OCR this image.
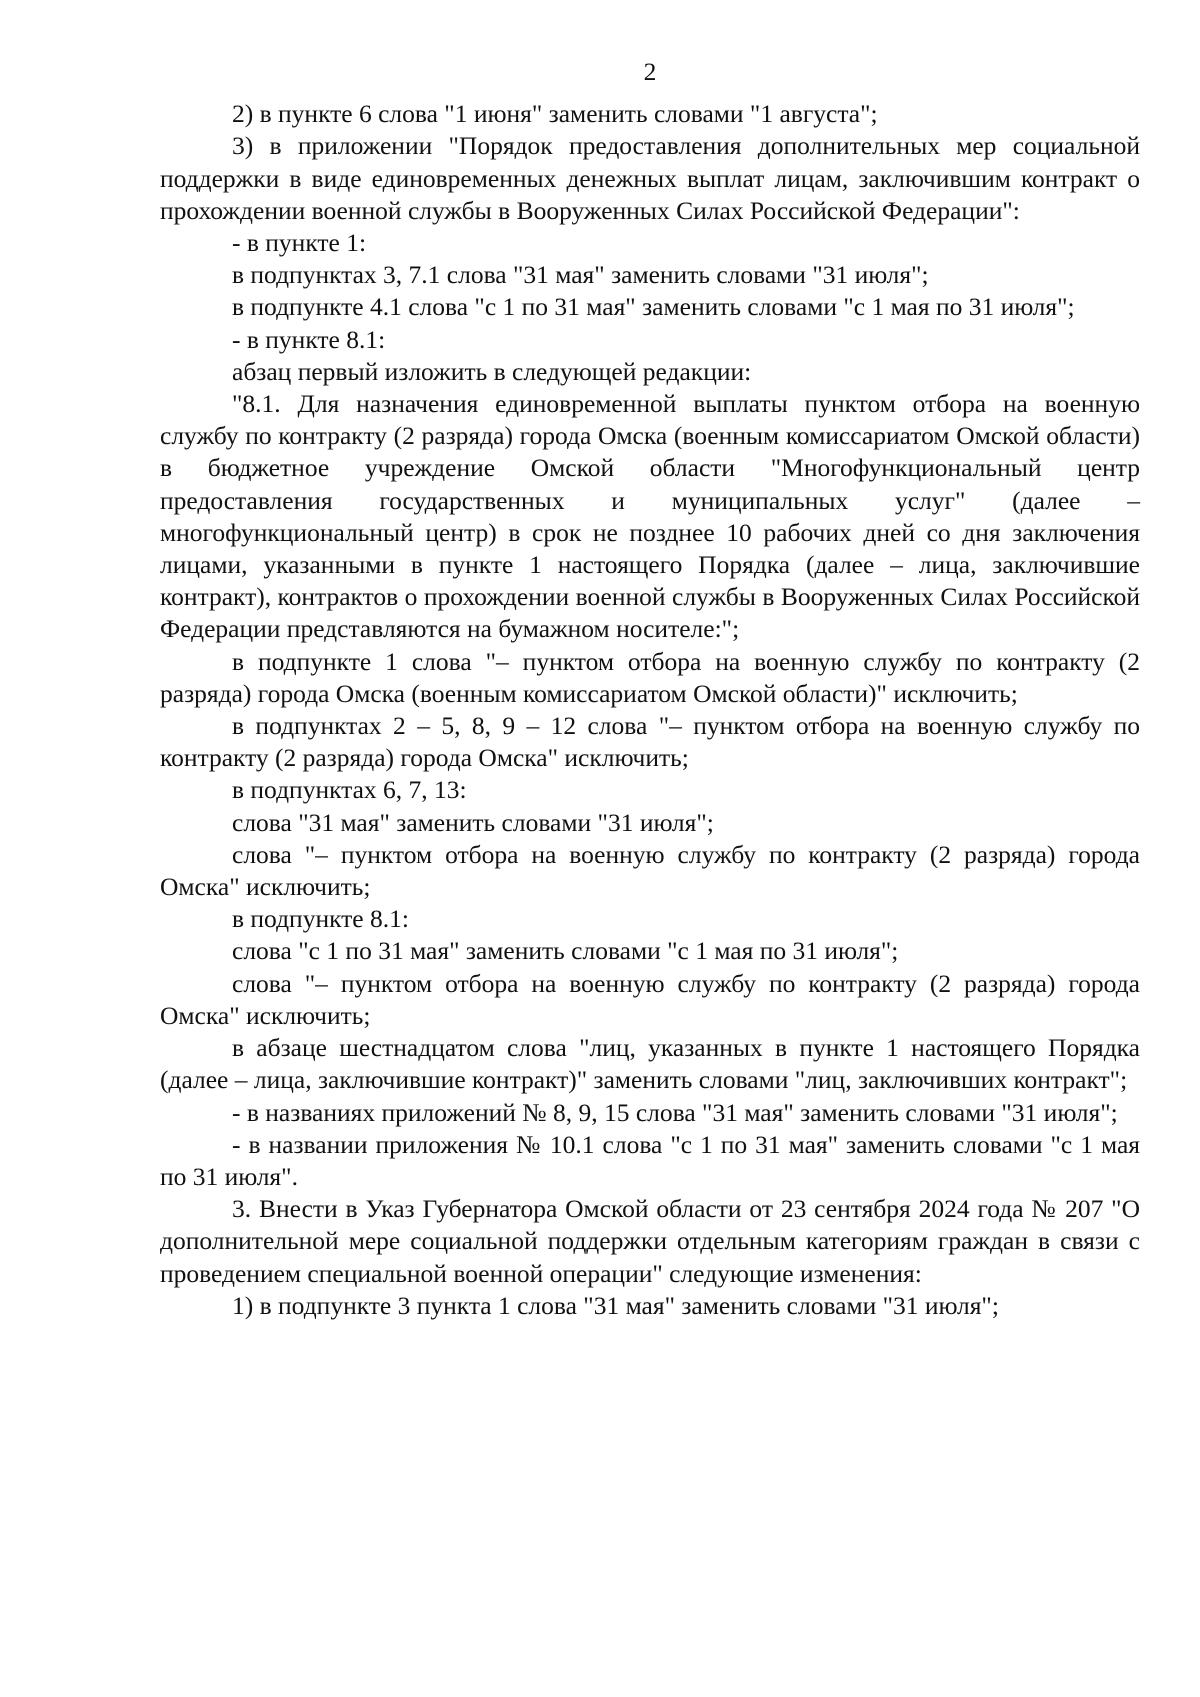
2

2) в пункте 6 слова "1 июня" заменить словами "1 августа";

3) в приложении "Порядок предоставления дополнительных мер социальной поддержки в виде единовременных денежных выплат лицам, заключившим контракт о прохождении военной службы в Вооруженных Силах Российской Федерации":

- в пункте 1:

в подпунктах 3, 7.1 слова "31 мая" заменить словами "31 июля";

в подпункте 4.1 слова "с 1 по 31 мая" заменить словами "с 1 мая по 31 июля";

- в пункте 8.1:

абзац первый изложить в следующей редакции:

"8.1. Для назначения единовременной выплаты пунктом отбора на военную службу по контракту (2 разряда) города Омска (военным комиссариатом Омской области) в бюджетное учреждение Омской области "Многофункциональный центр предоставления государственных и муниципальных услуг" (далее – многофункциональный центр) в срок не позднее 10 рабочих дней со дня заключения лицами, указанными в пункте 1 настоящего Порядка (далее – лица, заключившие контракт), контрактов о прохождении военной службы в Вооруженных Силах Российской Федерации представляются на бумажном носителе:";

в подпункте 1 слова "– пунктом отбора на военную службу по контракту (2 разряда) города Омска (военным комиссариатом Омской области)" исключить;

в подпунктах 2 – 5, 8, 9 – 12 слова "– пунктом отбора на военную службу по контракту (2 разряда) города Омска" исключить;

в подпунктах 6, 7, 13:

слова "31 мая" заменить словами "31 июля";

слова "– пунктом отбора на военную службу по контракту (2 разряда) города Омска" исключить;

в подпункте 8.1:

слова "с 1 по 31 мая" заменить словами "с 1 мая по 31 июля";

слова "– пунктом отбора на военную службу по контракту (2 разряда) города Омска" исключить;

в абзаце шестнадцатом слова "лиц, указанных в пункте 1 настоящего Порядка (далее – лица, заключившие контракт)" заменить словами "лиц, заключивших контракт";

- в названиях приложений № 8, 9, 15 слова "31 мая" заменить словами "31 июля";

- в названии приложения № 10.1 слова "с 1 по 31 мая" заменить словами "с 1 мая по 31 июля".

3. Внести в Указ Губернатора Омской области от 23 сентября 2024 года № 207 "О дополнительной мере социальной поддержки отдельным категориям граждан в связи с проведением специальной военной операции" следующие изменения:

1) в подпункте 3 пункта 1 слова "31 мая" заменить словами "31 июля";
